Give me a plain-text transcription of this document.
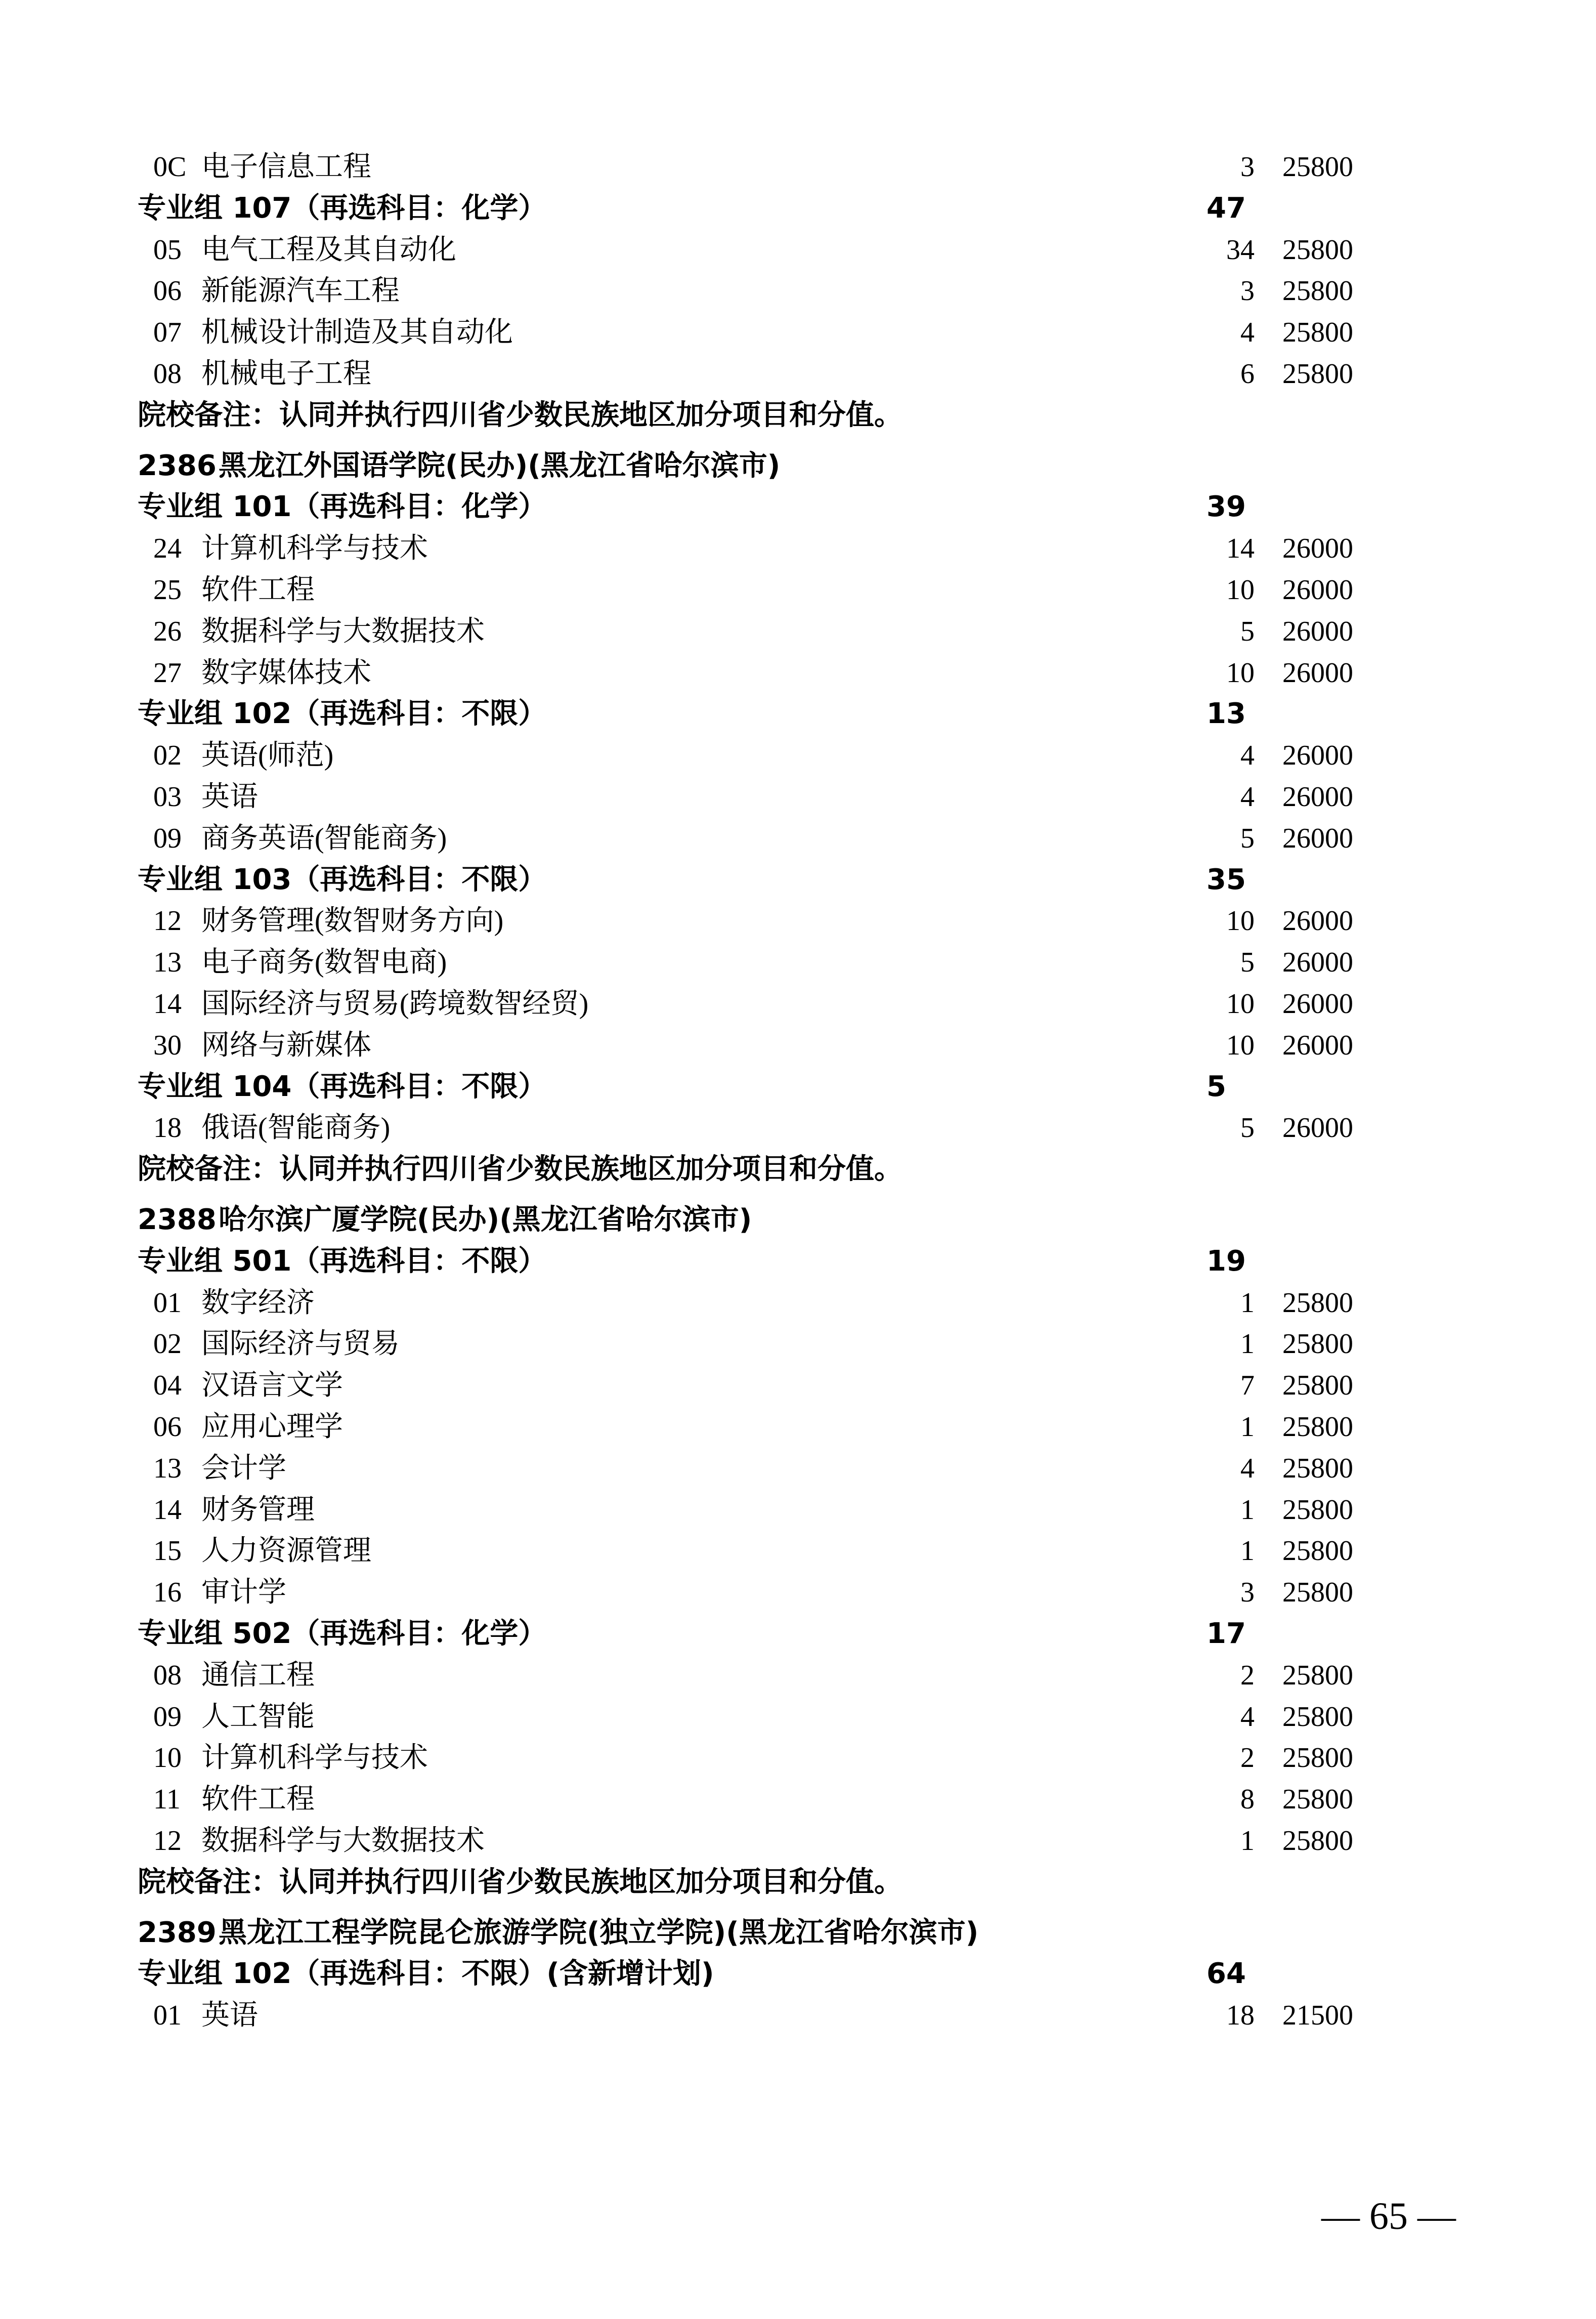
0C 电子信息工程	3 25800
专业组 107（再选科目：化学）	47
05 电气工程及其自动化	34 25800
06 新能源汽车工程	3 25800
07 机械设计制造及其自动化	4 25800
08 机械电子工程	6 25800
院校备注：认同并执行四川省少数民族地区加分项目和分值。
2386 黑龙江外国语学院(民办)(黑龙江省哈尔滨市)
专业组 101（再选科目：化学）	39
24 计算机科学与技术	14 26000
25 软件工程	10 26000
26 数据科学与大数据技术	5 26000
27 数字媒体技术	10 26000
专业组 102（再选科目：不限）	13
02 英语(师范)	4 26000
03 英语	4 26000
09 商务英语(智能商务)	5 26000
专业组 103（再选科目：不限）	35
12 财务管理(数智财务方向)	10 26000
13 电子商务(数智电商)	5 26000
14 国际经济与贸易(跨境数智经贸)	10 26000
30 网络与新媒体	10 26000
专业组 104（再选科目：不限）	5
18 俄语(智能商务)	5 26000
院校备注：认同并执行四川省少数民族地区加分项目和分值。
2388 哈尔滨广厦学院(民办)(黑龙江省哈尔滨市)
专业组 501（再选科目：不限）	19
01 数字经济	1 25800
02 国际经济与贸易	1 25800
04 汉语言文学	7 25800
06 应用心理学	1 25800
13 会计学	4 25800
14 财务管理	1 25800
15 人力资源管理	1 25800
16 审计学	3 25800
专业组 502（再选科目：化学）	17
08 通信工程	2 25800
09 人工智能	4 25800
10 计算机科学与技术	2 25800
11 软件工程	8 25800
12 数据科学与大数据技术	1 25800
院校备注：认同并执行四川省少数民族地区加分项目和分值。
2389 黑龙江工程学院昆仑旅游学院(独立学院)(黑龙江省哈尔滨市)
专业组 102（再选科目：不限）(含新增计划)	64
01 英语	18 21500
— 65 —
